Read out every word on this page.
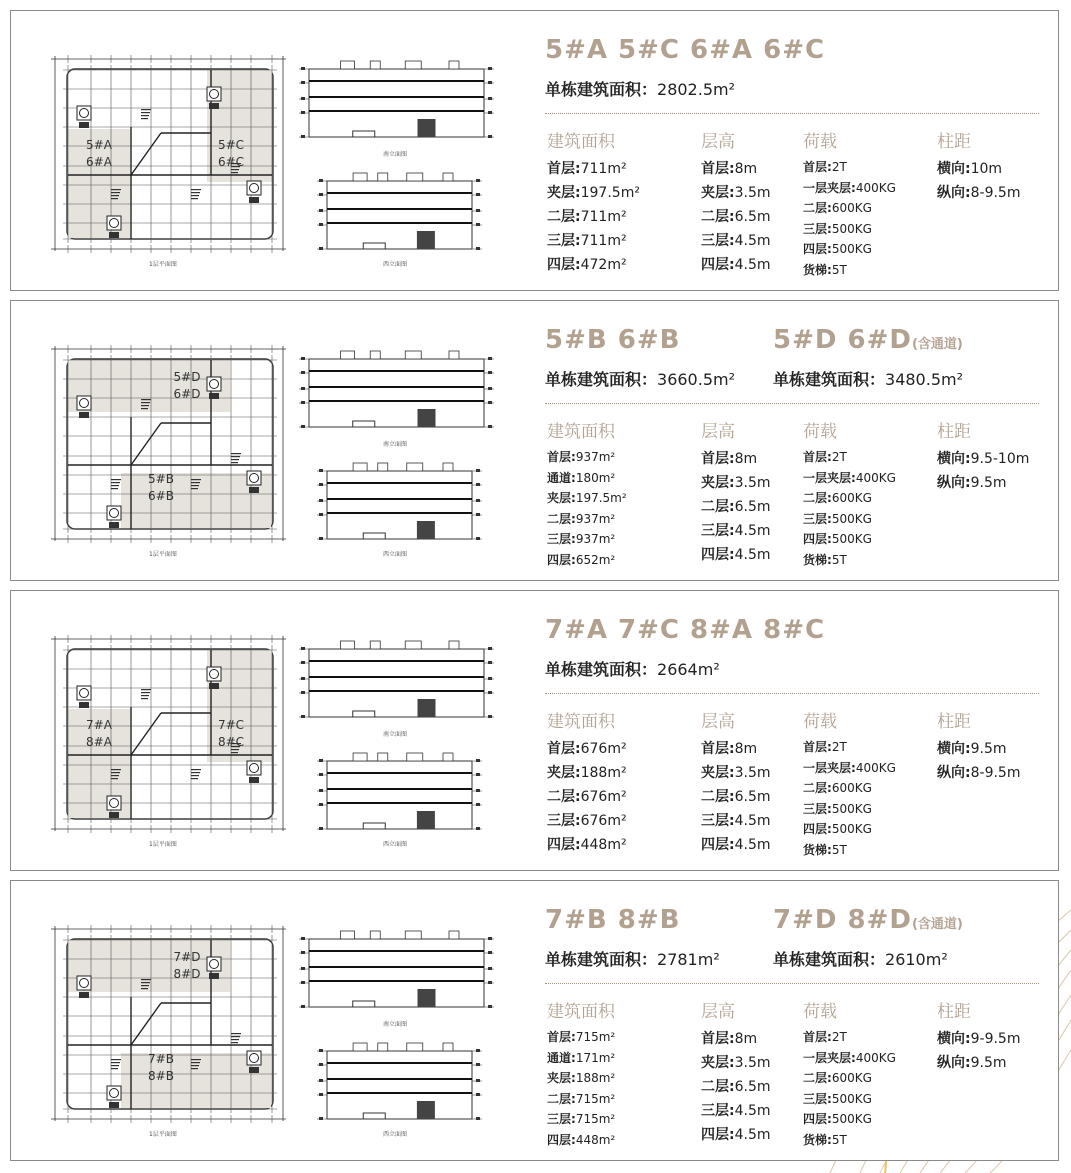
5#A
6#A
5#C
6#C
1层平面图
南立面图
西立面图
5#A 5#C 6#A 6#C
单栋建筑面积：2802.5m²
建筑面积
首层:711m²
夹层:197.5m²
二层:711m²
三层:711m²
四层:472m²
层高
首层:8m
夹层:3.5m
二层:6.5m
三层:4.5m
四层:4.5m
荷载
首层:2T
一层夹层:400KG
二层:600KG
三层:500KG
四层:500KG
货梯:5T
柱距
横向:10m
纵向:8-9.5m
5#D
6#D
5#B
6#B
1层平面图
南立面图
西立面图
5#B 6#B
单栋建筑面积：3660.5m²
5#D 6#D(含通道)
单栋建筑面积：3480.5m²
建筑面积
首层:937m²
通道:180m²
夹层:197.5m²
二层:937m²
三层:937m²
四层:652m²
层高
首层:8m
夹层:3.5m
二层:6.5m
三层:4.5m
四层:4.5m
荷载
首层:2T
一层夹层:400KG
二层:600KG
三层:500KG
四层:500KG
货梯:5T
柱距
横向:9.5-10m
纵向:9.5m
7#A
8#A
7#C
8#C
1层平面图
南立面图
西立面图
7#A 7#C 8#A 8#C
单栋建筑面积：2664m²
建筑面积
首层:676m²
夹层:188m²
二层:676m²
三层:676m²
四层:448m²
层高
首层:8m
夹层:3.5m
二层:6.5m
三层:4.5m
四层:4.5m
荷载
首层:2T
一层夹层:400KG
二层:600KG
三层:500KG
四层:500KG
货梯:5T
柱距
横向:9.5m
纵向:8-9.5m
7#D
8#D
7#B
8#B
1层平面图
南立面图
西立面图
7#B 8#B
单栋建筑面积：2781m²
7#D 8#D(含通道)
单栋建筑面积：2610m²
建筑面积
首层:715m²
通道:171m²
夹层:188m²
二层:715m²
三层:715m²
四层:448m²
层高
首层:8m
夹层:3.5m
二层:6.5m
三层:4.5m
四层:4.5m
荷载
首层:2T
一层夹层:400KG
二层:600KG
三层:500KG
四层:500KG
货梯:5T
柱距
横向:9-9.5m
纵向:9.5m
